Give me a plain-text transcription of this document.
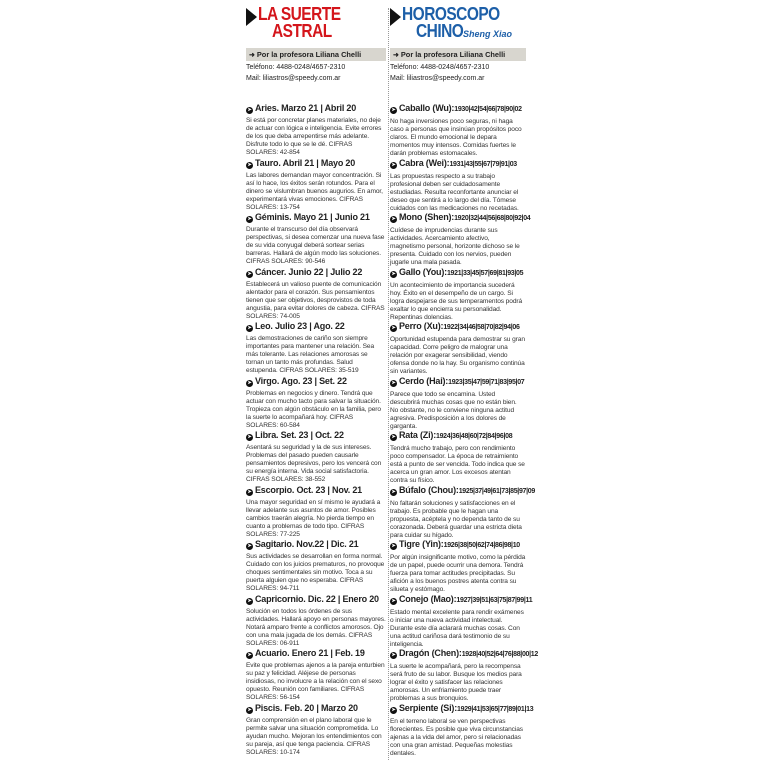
LA SUERTE
ASTRAL
➜ Por la profesora Liliana Chelli
Teléfono: 4488-0248/4657-2310
Mail: liliastros@speedy.com.ar
➤ Aries. Marzo 21 | Abril 20
Si está por concretar planes materiales, no deje de actuar con lógica e inteligencia. Evite errores de los que deba arrepentirse más adelante. Disfrute todo lo que se le dé. CIFRAS SOLARES: 42-854
➤ Tauro. Abril 21 | Mayo 20
Las labores demandan mayor concentración. Si así lo hace, los éxitos serán rotundos. Para el dinero se vislumbran buenos augurios. En amor, experimentará vivas emociones. CIFRAS SOLARES: 13-754
➤ Géminis. Mayo 21 | Junio 21
Durante el transcurso del día observará perspectivas, si desea comenzar una nueva fase de su vida conyugal deberá sortear serias barreras. Hallará de algún modo las soluciones. CIFRAS SOLARES: 90-546
➤ Cáncer. Junio 22 | Julio 22
Establecerá un valioso puente de comunicación alentador para el corazón. Sus pensamientos tienen que ser objetivos, desprovistos de toda angustia, para evitar dolores de cabeza. CIFRAS SOLARES: 74-005
➤ Leo. Julio 23 | Ago. 22
Las demostraciones de cariño son siempre importantes para mantener una relación. Sea más tolerante. Las relaciones amorosas se tornan un tanto más profundas. Salud estupenda. CIFRAS SOLARES: 35-519
➤ Virgo. Ago. 23 | Set. 22
Problemas en negocios y dinero. Tendrá que actuar con mucho tacto para salvar la situación. Tropieza con algún obstáculo en la familia, pero la suerte lo acompañará hoy. CIFRAS SOLARES: 60-584
➤ Libra. Set. 23 | Oct. 22
Asentará su seguridad y la de sus intereses. Problemas del pasado pueden causarle pensamientos depresivos, pero los vencerá con su energía interna. Vida social satisfactoria. CIFRAS SOLARES: 38-552
➤ Escorpio. Oct. 23 | Nov. 21
Una mayor seguridad en sí mismo le ayudará a llevar adelante sus asuntos de amor. Posibles cambios traerán alegría. No pierda tiempo en cuanto a problemas de todo tipo. CIFRAS SOLARES: 77-225
➤ Sagitario. Nov.22 | Dic. 21
Sus actividades se desarrollan en forma normal. Cuidado con los juicios prematuros, no provoque choques sentimentales sin motivo. Toca a su puerta alguien que no esperaba. CIFRAS SOLARES: 94-711
➤ Capricornio. Dic. 22 | Enero 20
Solución en todos los órdenes de sus actividades. Hallará apoyo en personas mayores. Notará amparo frente a conflictos amorosos. Ojo con una mala jugada de los demás. CIFRAS SOLARES: 06-911
➤ Acuario. Enero 21 | Feb. 19
Evite que problemas ajenos a la pareja enturbien su paz y felicidad. Aléjese de personas insidiosas, no involucre a la relación con el sexo opuesto. Reunión con familiares. CIFRAS SOLARES: 56-154
➤ Piscis. Feb. 20 | Marzo 20
Gran comprensión en el plano laboral que le permite salvar una situación comprometida. Lo ayudan mucho. Mejoran los entendimientos con su pareja, así que tenga paciencia. CIFRAS SOLARES: 10-174
HOROSCOPO
CHINO Sheng Xiao
➜ Por la profesora Liliana Chelli
Teléfono: 4488-0248/4657-2310
Mail: liliastros@speedy.com.ar
➤ Caballo (Wu):1930|42|54|66|78|90|02
No haga inversiones poco seguras, ni haga caso a personas que insinúan propósitos poco claros. El mundo emocional le depara momentos muy intensos. Comidas fuertes le darán problemas estomacales.
➤ Cabra (Wei):1931|43|55|67|79|91|03
Las propuestas respecto a su trabajo profesional deben ser cuidadosamente estudiadas. Resulta reconfortante anunciar el deseo que sentirá a lo largo del día. Tómese cuidados con las medicaciones no recetadas.
➤ Mono (Shen):1920|32|44|56|68|80|92|04
Cuídese de imprudencias durante sus actividades. Acercamiento afectivo, magnetismo personal, horizonte dichoso se le presenta. Cuidado con los nervios, pueden jugarle una mala pasada.
➤ Gallo (You):1921|33|45|57|69|81|93|05
Un acontecimiento de importancia sucederá hoy. Éxito en el desempeño de un cargo. Si logra despejarse de sus temperamentos podrá exaltar lo que encierra su personalidad. Repentinas dolencias.
➤ Perro (Xu):1922|34|46|58|70|82|94|06
Oportunidad estupenda para demostrar su gran capacidad. Corre peligro de malograr una relación por exagerar sensibilidad, viendo ofensa donde no la hay. Su organismo continúa sin variantes.
➤ Cerdo (Hai):1923|35|47|59|71|83|95|07
Parece que todo se encamina. Usted descubrirá muchas cosas que no están bien. No obstante, no le conviene ninguna actitud agresiva. Predisposición a los dolores de garganta.
➤ Rata (Zi):1924|36|48|60|72|84|96|08
Tendrá mucho trabajo, pero con rendimiento poco compensador. La época de retraimiento está a punto de ser vencida. Todo indica que se acerca un gran amor. Los excesos atentan contra su físico.
➤ Búfalo (Chou):1925|37|49|61|73|85|97|09
No faltarán soluciones y satisfacciones en el trabajo. Es probable que le hagan una propuesta, acéptela y no dependa tanto de su corazonada. Deberá guardar una estricta dieta para cuidar su hígado.
➤ Tigre (Yin):1926|38|50|62|74|86|98|10
Por algún insignificante motivo, como la pérdida de un papel, puede ocurrir una demora. Tendrá fuerza para tomar actitudes precipitadas. Su afición a los buenos postres atenta contra su silueta y estómago.
➤ Conejo (Mao):1927|39|51|63|75|87|99|11
Estado mental excelente para rendir exámenes o iniciar una nueva actividad intelectual. Durante este día aclarará muchas cosas. Con una actitud cariñosa dará testimonio de su inteligencia.
➤ Dragón (Chen):1928|40|52|64|76|88|00|12
La suerte le acompañará, pero la recompensa será fruto de su labor. Busque los medios para lograr el éxito y satisfacer las relaciones amorosas. Un enfriamiento puede traer problemas a sus bronquios.
➤ Serpiente (Si):1929|41|53|65|77|89|01|13
En el terreno laboral se ven perspectivas florecientes. Es posible que viva circunstancias ajenas a la vida del amor, pero si relacionadas con una gran amistad. Pequeñas molestias dentales.
